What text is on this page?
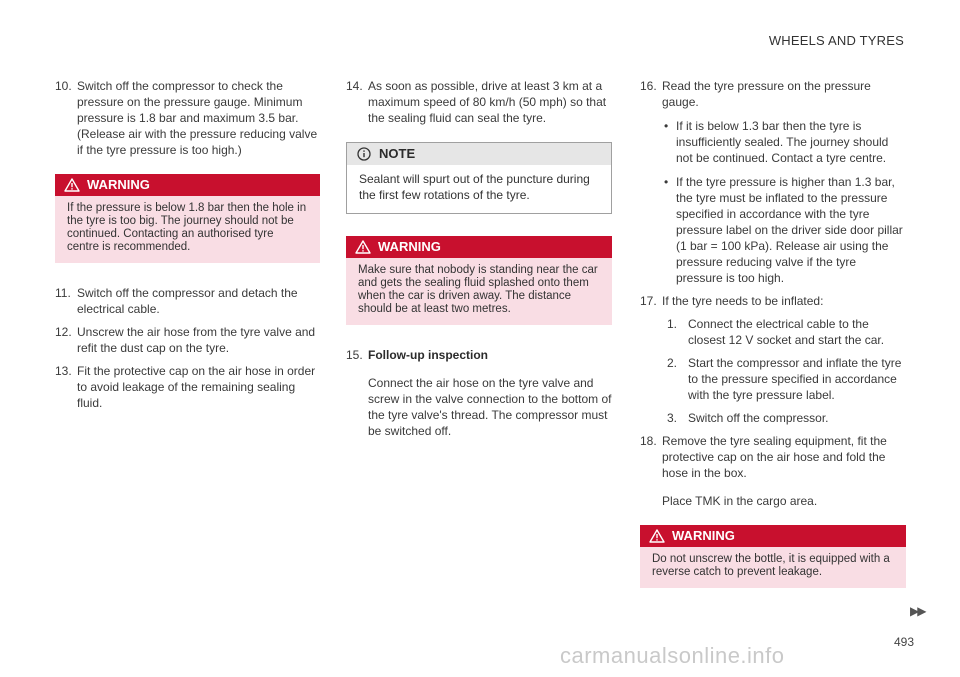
WHEELS AND TYRES
10. Switch off the compressor to check the pressure on the pressure gauge. Minimum pressure is 1.8 bar and maximum 3.5 bar. (Release air with the pressure reducing valve if the tyre pressure is too high.)
WARNING
If the pressure is below 1.8 bar then the hole in the tyre is too big. The journey should not be continued. Contacting an authorised tyre centre is recommended.
11. Switch off the compressor and detach the electrical cable.
12. Unscrew the air hose from the tyre valve and refit the dust cap on the tyre.
13. Fit the protective cap on the air hose in order to avoid leakage of the remaining sealing fluid.
14. As soon as possible, drive at least 3 km at a maximum speed of 80 km/h (50 mph) so that the sealing fluid can seal the tyre.
NOTE
Sealant will spurt out of the puncture during the first few rotations of the tyre.
WARNING
Make sure that nobody is standing near the car and gets the sealing fluid splashed onto them when the car is driven away. The distance should be at least two metres.
15. Follow-up inspection
Connect the air hose on the tyre valve and screw in the valve connection to the bottom of the tyre valve's thread. The compressor must be switched off.
16. Read the tyre pressure on the pressure gauge.
• If it is below 1.3 bar then the tyre is insufficiently sealed. The journey should not be continued. Contact a tyre centre.
• If the tyre pressure is higher than 1.3 bar, the tyre must be inflated to the pressure specified in accordance with the tyre pressure label on the driver side door pillar (1 bar = 100 kPa). Release air using the pressure reducing valve if the tyre pressure is too high.
17. If the tyre needs to be inflated:
1. Connect the electrical cable to the closest 12 V socket and start the car.
2. Start the compressor and inflate the tyre to the pressure specified in accordance with the tyre pressure label.
3. Switch off the compressor.
18. Remove the tyre sealing equipment, fit the protective cap on the air hose and fold the hose in the box.
Place TMK in the cargo area.
WARNING
Do not unscrew the bottle, it is equipped with a reverse catch to prevent leakage.
▶▶
493
carmanualsonline.info
